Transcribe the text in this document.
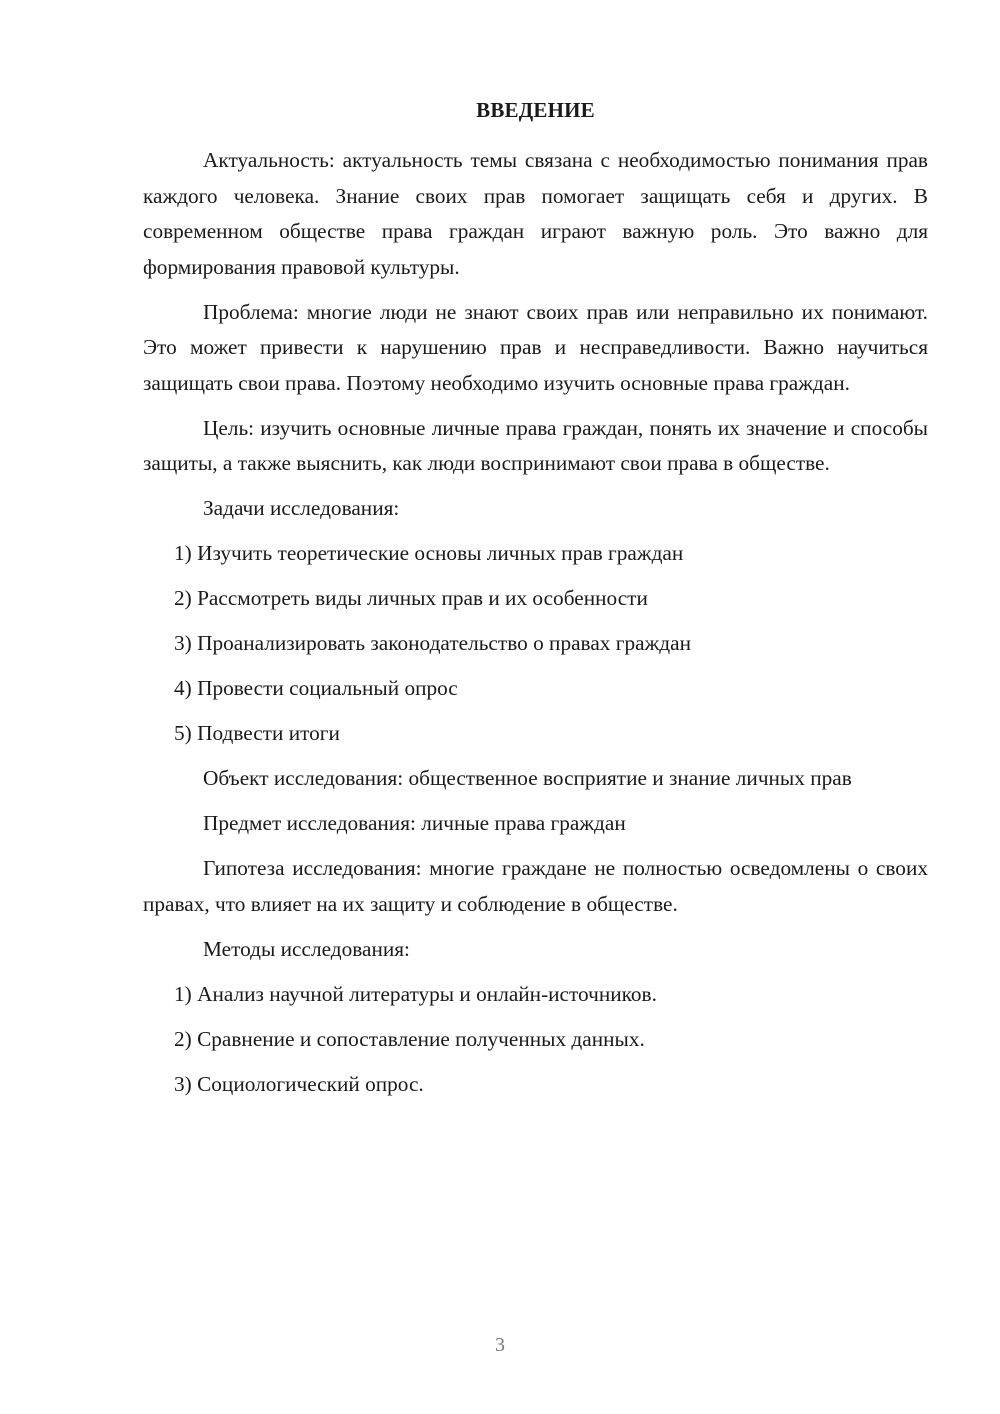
ВВЕДЕНИЕ

Актуальность: актуальность темы связана с необходимостью понимания прав каждого человека. Знание своих прав помогает защищать себя и других. В современном обществе права граждан играют важную роль. Это важно для формирования правовой культуры.

Проблема: многие люди не знают своих прав или неправильно их понимают. Это может привести к нарушению прав и несправедливости. Важно научиться защищать свои права. Поэтому необходимо изучить основные права граждан.

Цель: изучить основные личные права граждан, понять их значение и способы защиты, а также выяснить, как люди воспринимают свои права в обществе.

Задачи исследования:

1) Изучить теоретические основы личных прав граждан

2) Рассмотреть виды личных прав и их особенности

3) Проанализировать законодательство о правах граждан

4) Провести социальный опрос

5) Подвести итоги

Объект исследования: общественное восприятие и знание личных прав

Предмет исследования: личные права граждан

Гипотеза исследования: многие граждане не полностью осведомлены о своих правах, что влияет на их защиту и соблюдение в обществе.

Методы исследования:

1) Анализ научной литературы и онлайн-источников.

2) Сравнение и сопоставление полученных данных.

3) Социологический опрос.

3
